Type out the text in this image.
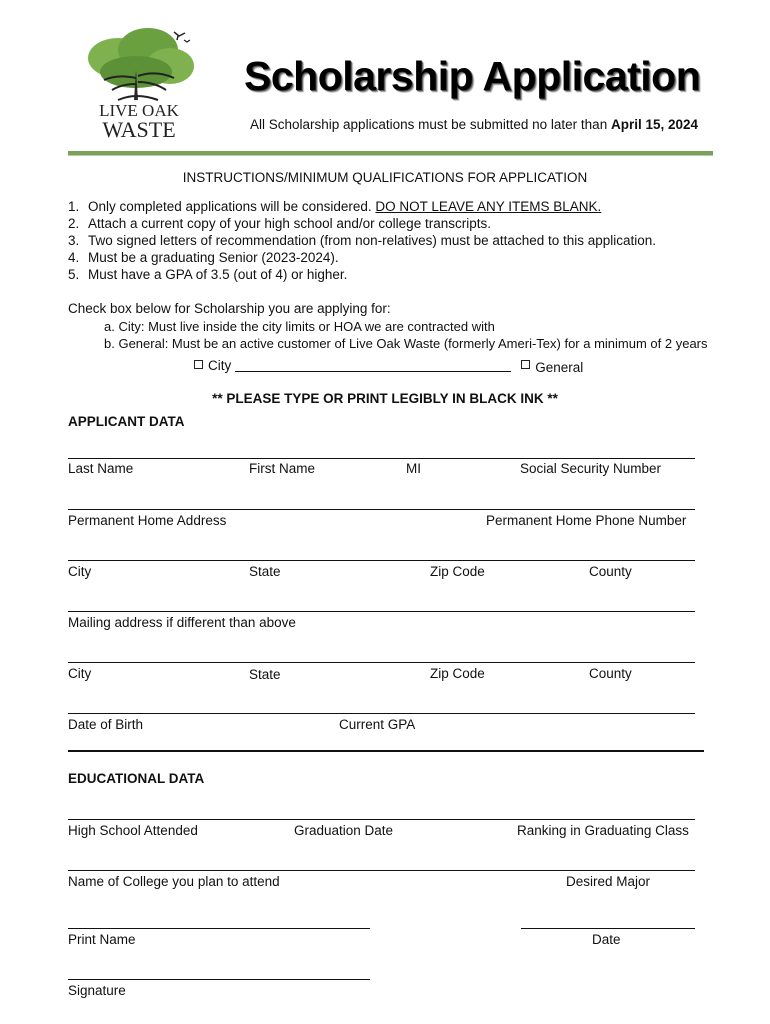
LIVE OAK
WASTE
Scholarship Application
All Scholarship applications must be submitted no later than April 15, 2024
INSTRUCTIONS/MINIMUM QUALIFICATIONS FOR APPLICATION
1. Only completed applications will be considered.
DO NOT LEAVE ANY ITEMS BLANK.
2. Attach a current copy of your high school and/or college transcripts.
3. Two signed letters of recommendation (from non-relatives) must be attached to this application.
4. Must be a graduating Senior (2023-2024).
5. Must have a GPA of 3.5 (out of 4) or higher.
Check box below for Scholarship you are applying for:
a. City: Must live inside the city limits or HOA we are contracted with
b. General: Must be an active customer of Live Oak Waste (formerly Ameri-Tex) for a minimum of 2 years
City	General
** PLEASE TYPE OR PRINT LEGIBLY IN BLACK INK **
APPLICANT DATA
Last Name	First Name	MI	Social Security Number
Permanent Home Address	Permanent Home Phone Number
City	State	Zip Code	County
Mailing address if different than above
City	State	Zip Code	County
Date of Birth	Current GPA
EDUCATIONAL DATA
High School Attended	Graduation Date	Ranking in Graduating Class
Name of College you plan to attend	Desired Major
Print Name	Date
Signature
